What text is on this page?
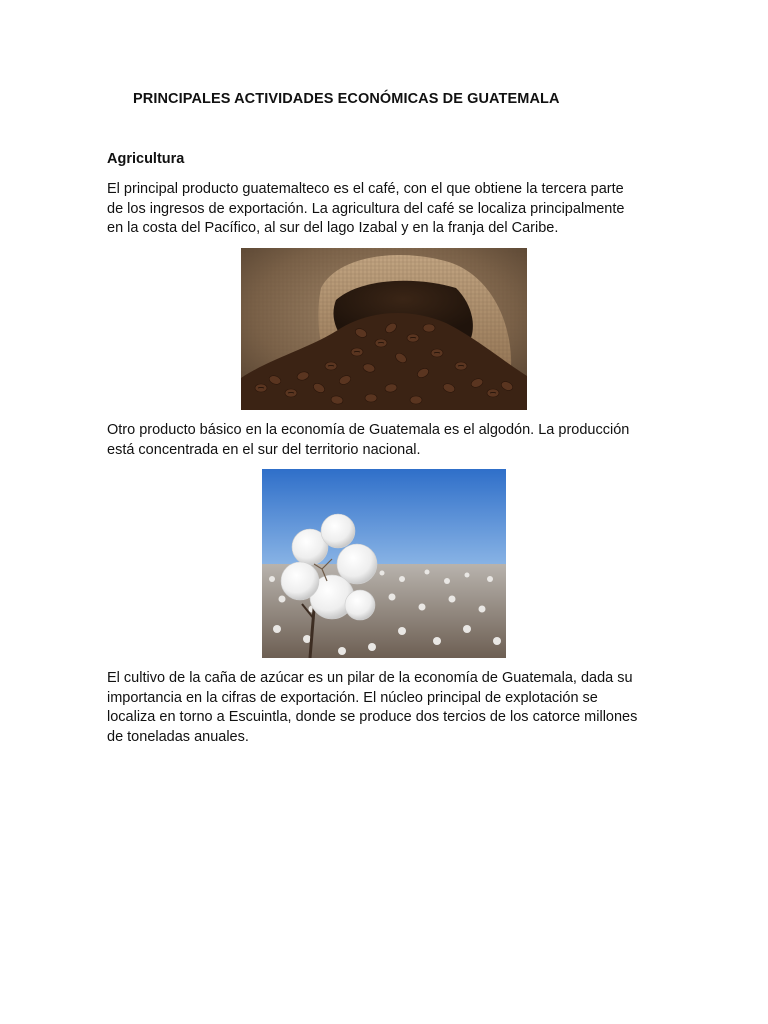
PRINCIPALES ACTIVIDADES ECONÓMICAS DE GUATEMALA
Agricultura
El principal producto guatemalteco es el café, con el que obtiene la tercera parte
de los ingresos de exportación. La agricultura del café se localiza principalmente
en la costa del Pacífico, al sur del lago Izabal y en la franja del Caribe.
Otro producto básico en la economía de Guatemala es el algodón. La producción
está concentrada en el sur del territorio nacional.
El cultivo de la caña de azúcar es un pilar de la economía de Guatemala, dada su
importancia en la cifras de exportación. El núcleo principal de explotación se
localiza en torno a Escuintla, donde se produce dos tercios de los catorce millones
de toneladas anuales.
